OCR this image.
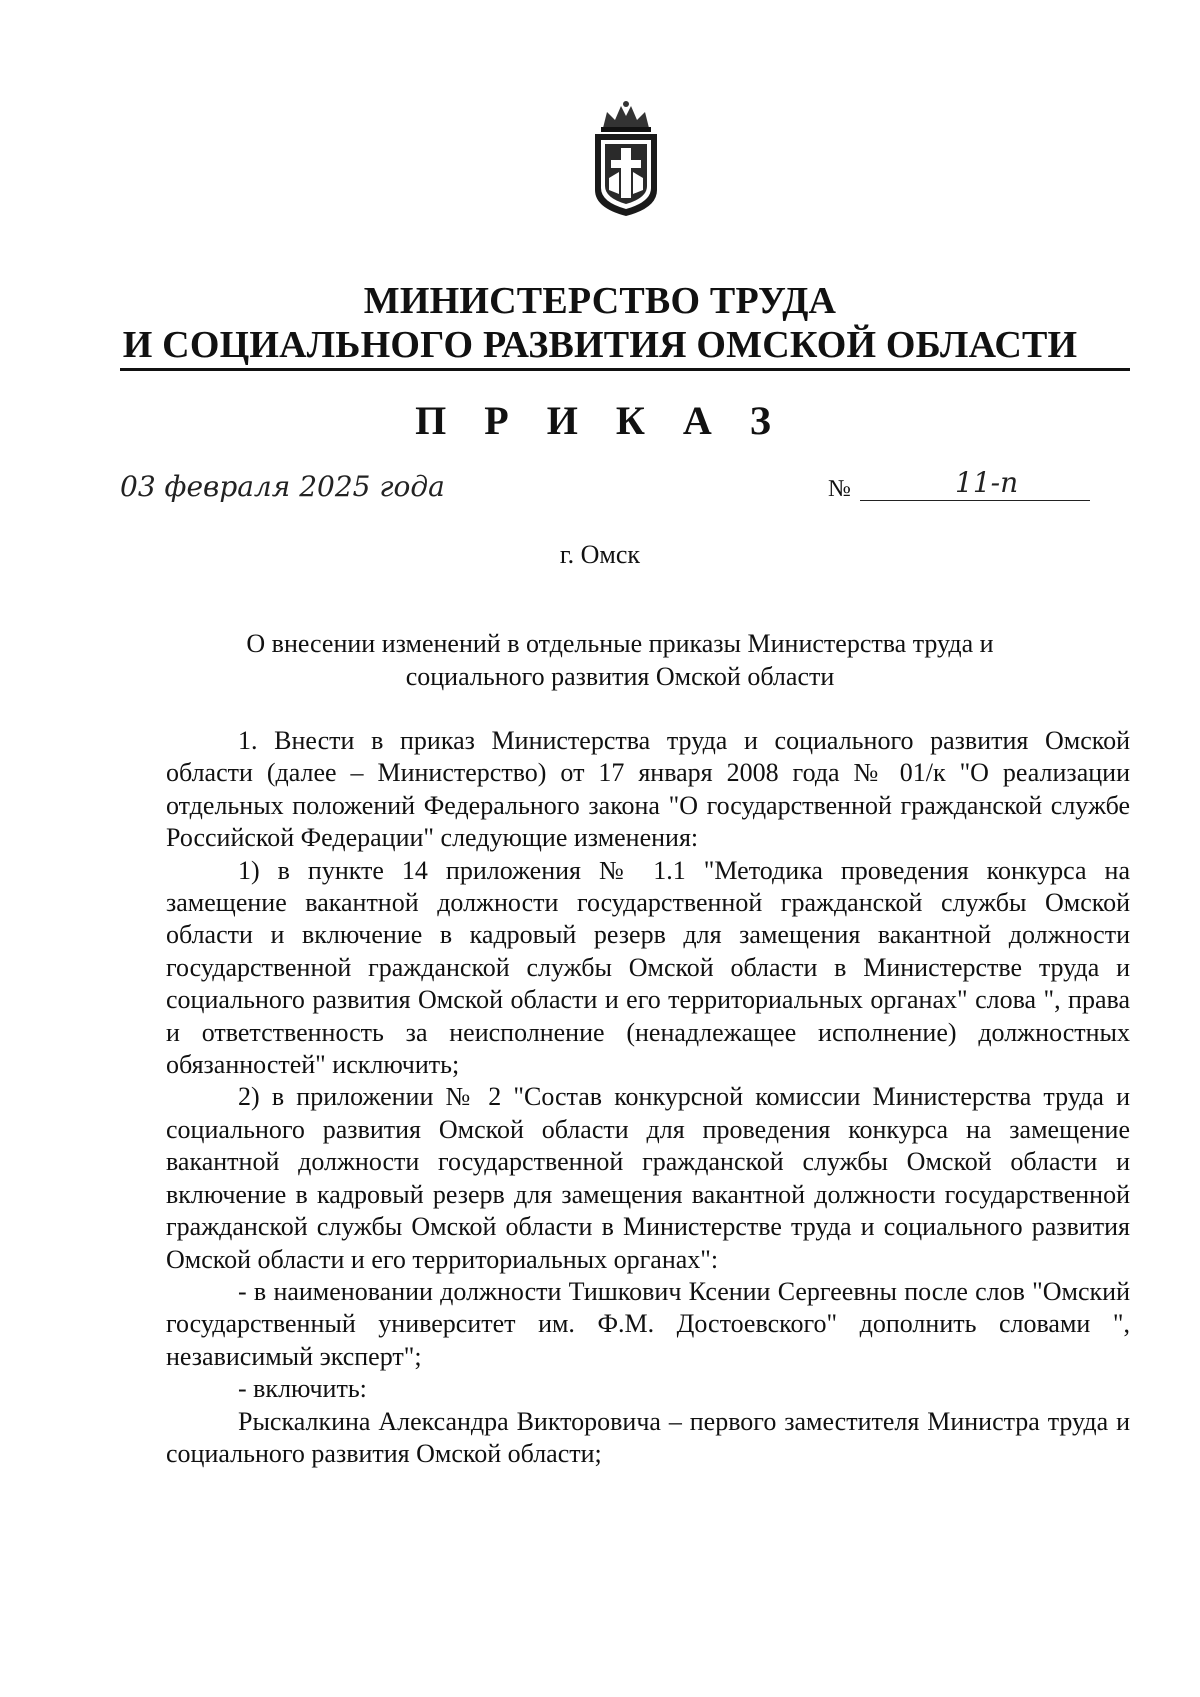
МИНИСТЕРСТВО ТРУДА
И СОЦИАЛЬНОГО РАЗВИТИЯ ОМСКОЙ ОБЛАСТИ
П Р И К А З
03 февраля 2025 года	№	11-п
г. Омск
О внесении изменений в отдельные приказы Министерства труда и
социального развития Омской области

1. Внести в приказ Министерства труда и социального развития Омской области (далее – Министерство) от 17 января 2008 года № 01/к "О реализации отдельных положений Федерального закона "О государственной гражданской службе Российской Федерации" следующие изменения:

1) в пункте 14 приложения № 1.1 "Методика проведения конкурса на замещение вакантной должности государственной гражданской службы Омской области и включение в кадровый резерв для замещения вакантной должности государственной гражданской службы Омской области в Министерстве труда и социального развития Омской области и его территориальных органах" слова ", права и ответственность за неисполнение (ненадлежащее исполнение) должностных обязанностей" исключить;

2) в приложении № 2 "Состав конкурсной комиссии Министерства труда и социального развития Омской области для проведения конкурса на замещение вакантной должности государственной гражданской службы Омской области и включение в кадровый резерв для замещения вакантной должности государственной гражданской службы Омской области в Министерстве труда и социального развития Омской области и его территориальных органах":

- в наименовании должности Тишкович Ксении Сергеевны после слов "Омский государственный университет им. Ф.М. Достоевского" дополнить словами ", независимый эксперт";

- включить:

Рыскалкина Александра Викторовича – первого заместителя Министра труда и социального развития Омской области;
